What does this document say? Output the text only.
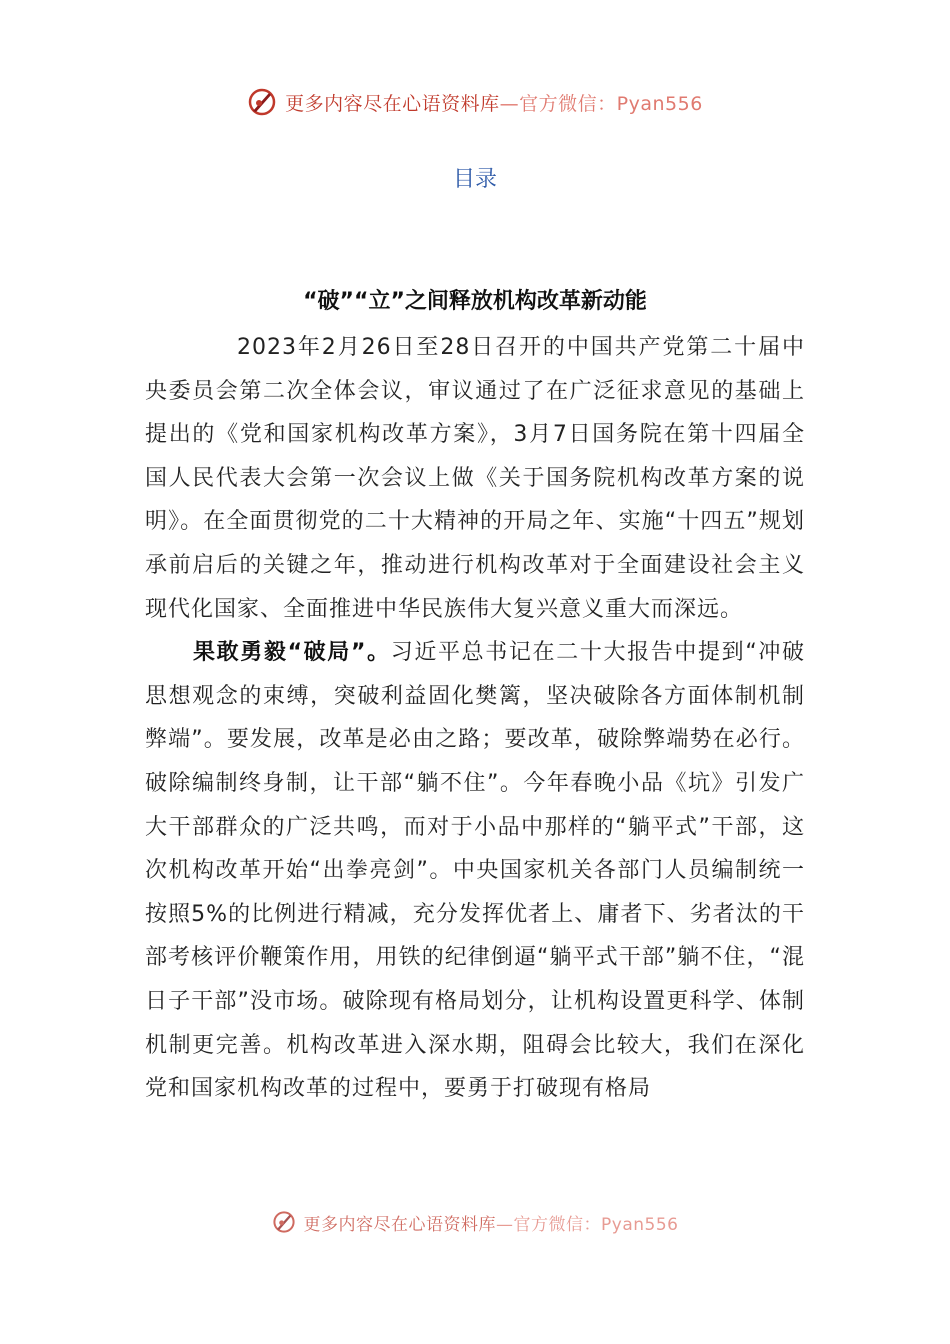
更多内容尽在心语资料库—官方微信：Pyan556
目录
“破”“立”之间释放机构改革新动能

2023年2月26日至28日召开的中国共产党第二十届中央委员会第二次全体会议，审议通过了在广泛征求意见的基础上提出的《党和国家机构改革方案》，3月7日国务院在第十四届全国人民代表大会第一次会议上做《关于国务院机构改革方案的说明》。在全面贯彻党的二十大精神的开局之年、实施“十四五”规划承前启后的关键之年，推动进行机构改革对于全面建设社会主义现代化国家、全面推进中华民族伟大复兴意义重大而深远。

果敢勇毅“破局”。习近平总书记在二十大报告中提到“冲破思想观念的束缚，突破利益固化樊篱，坚决破除各方面体制机制弊端”。要发展，改革是必由之路；要改革，破除弊端势在必行。破除编制终身制，让干部“躺不住”。今年春晚小品《坑》引发广大干部群众的广泛共鸣，而对于小品中那样的“躺平式”干部，这次机构改革开始“出拳亮剑”。中央国家机关各部门人员编制统一按照5%的比例进行精减，充分发挥优者上、庸者下、劣者汰的干部考核评价鞭策作用，用铁的纪律倒逼“躺平式干部”躺不住，“混日子干部”没市场。破除现有格局划分，让机构设置更科学、体制机制更完善。机构改革进入深水期，阻碍会比较大，我们在深化党和国家机构改革的过程中，要勇于打破现有格局

更多内容尽在心语资料库—官方微信：Pyan556
